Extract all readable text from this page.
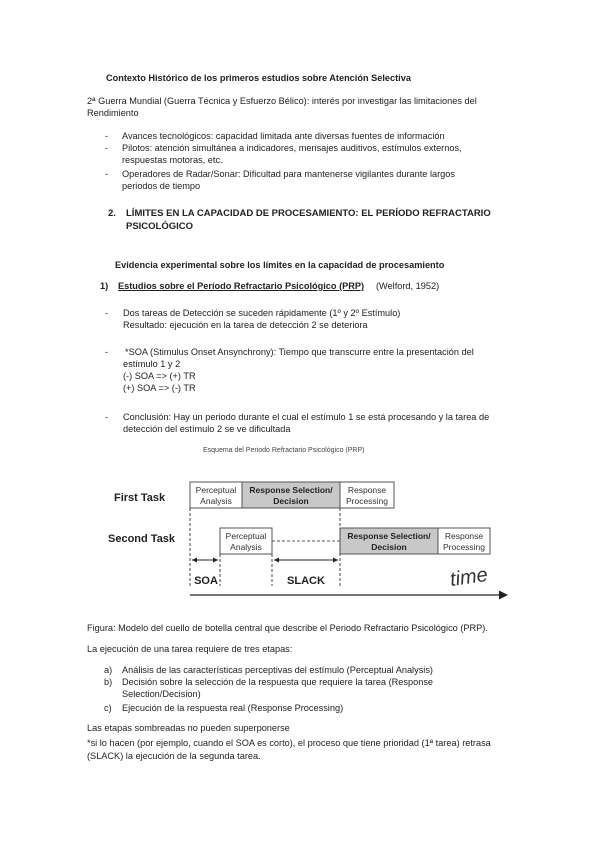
Contexto Histórico de los primeros estudios sobre Atención Selectiva
2ª Guerra Mundial (Guerra Técnica y Esfuerzo Bélico): interés por investigar las limitaciones del
Rendimiento
- Avances tecnológicos: capacidad limitada ante diversas fuentes de información
- Pilotos: atención simultánea a indicadores, mensajes auditivos, estímulos externos,
respuestas motoras, etc.
- Operadores de Radar/Sonar: Dificultad para mantenerse vigilantes durante largos
periodos de tiempo
2. LÍMITES EN LA CAPACIDAD DE PROCESAMIENTO: EL PERÍODO REFRACTARIO
PSICOLÓGICO
Evidencia experimental sobre los límites en la capacidad de procesamiento
1) Estudios sobre el Período Refractario Psicológico (PRP) (Welford, 1952)
- Dos tareas de Detección se suceden rápidamente (1º y 2º Estímulo)
Resultado: ejecución en la tarea de detección 2 se deteriora
- *SOA (Stimulus Onset Ansynchrony): Tiempo que transcurre entre la presentación del
estímulo 1 y 2
(-) SOA => (+) TR
(+) SOA => (-) TR
- Conclusión: Hay un periodo durante el cual el estímulo 1 se está procesando y la tarea de
detección del estímulo 2 se ve dificultada
Esquema del Periodo Refractario Psicológico (PRP)
First Task
Perceptual
Analysis
Response Selection/
Decision
Response
Processing
Second Task	Perceptual
Analysis
Response Selection/
Decision
Response
Processing
SOA	SLACK	time
Figura: Modelo del cuello de botella central que describe el Periodo Refractario Psicológico (PRP).
La ejecución de una tarea requiere de tres etapas:
a) Análisis de las características perceptivas del estímulo (Perceptual Analysis)
b) Decisión sobre la selección de la respuesta que requiere la tarea (Response
Selection/Decision)
c) Ejecución de la respuesta real (Response Processing)
Las etapas sombreadas no pueden superponerse
*si lo hacen (por ejemplo, cuando el SOA es corto), el proceso que tiene prioridad (1ª tarea) retrasa
(SLACK) la ejecución de la segunda tarea.
